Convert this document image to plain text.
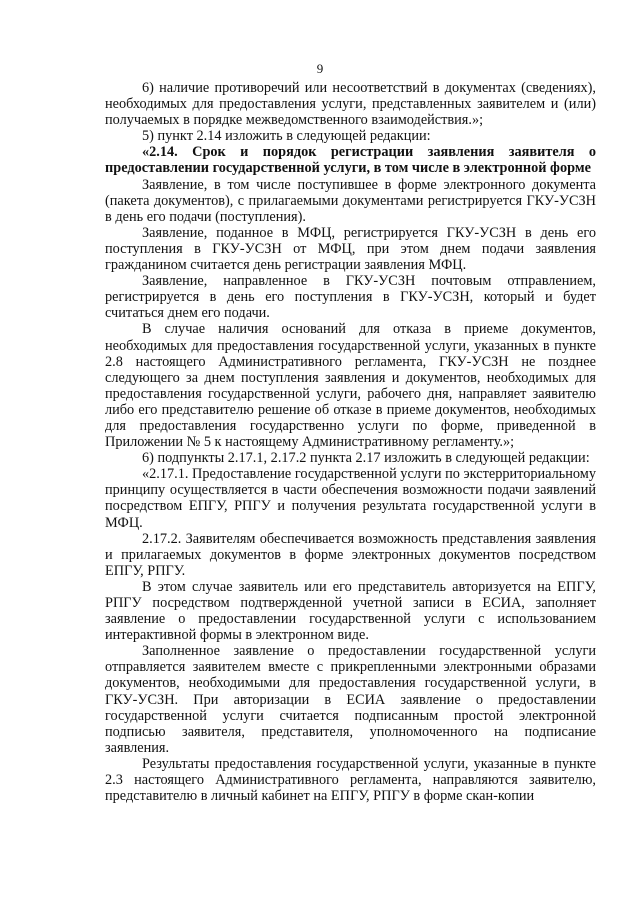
9

6) наличие противоречий или несоответствий в документах (сведениях), необходимых для предоставления услуги, представленных заявителем и (или) получаемых в порядке межведомственного взаимодействия.»;

5) пункт 2.14 изложить в следующей редакции:

«2.14. Срок и порядок регистрации заявления заявителя о предоставлении государственной услуги, в том числе в электронной форме

Заявление, в том числе поступившее в форме электронного документа (пакета документов), с прилагаемыми документами регистрируется ГКУ-УСЗН в день его подачи (поступления).

Заявление, поданное в МФЦ, регистрируется ГКУ-УСЗН в день его поступления в ГКУ-УСЗН от МФЦ, при этом днем подачи заявления гражданином считается день регистрации заявления МФЦ.

Заявление, направленное в ГКУ-УСЗН почтовым отправлением, регистрируется в день его поступления в ГКУ-УСЗН, который и будет считаться днем его подачи.

В случае наличия оснований для отказа в приеме документов, необходимых для предоставления государственной услуги, указанных в пункте 2.8 настоящего Административного регламента, ГКУ-УСЗН не позднее следующего за днем поступления заявления и документов, необходимых для предоставления государственной услуги, рабочего дня, направляет заявителю либо его представителю решение об отказе в приеме документов, необходимых для предоставления государственно услуги по форме, приведенной в Приложении № 5 к настоящему Административному регламенту.»;

6) подпункты 2.17.1, 2.17.2 пункта 2.17 изложить в следующей редакции:

«2.17.1. Предоставление государственной услуги по экстерриториальному принципу осуществляется в части обеспечения возможности подачи заявлений посредством ЕПГУ, РПГУ и получения результата государственной услуги в МФЦ.

2.17.2. Заявителям обеспечивается возможность представления заявления и прилагаемых документов в форме электронных документов посредством ЕПГУ, РПГУ.

В этом случае заявитель или его представитель авторизуется на ЕПГУ, РПГУ посредством подтвержденной учетной записи в ЕСИА, заполняет заявление о предоставлении государственной услуги с использованием интерактивной формы в электронном виде.

Заполненное заявление о предоставлении государственной услуги отправляется заявителем вместе с прикрепленными электронными образами документов, необходимыми для предоставления государственной услуги, в ГКУ-УСЗН. При авторизации в ЕСИА заявление о предоставлении государственной услуги считается подписанным простой электронной подписью заявителя, представителя, уполномоченного на подписание заявления.

Результаты предоставления государственной услуги, указанные в пункте 2.3 настоящего Административного регламента, направляются заявителю, представителю в личный кабинет на ЕПГУ, РПГУ в форме скан-копии
